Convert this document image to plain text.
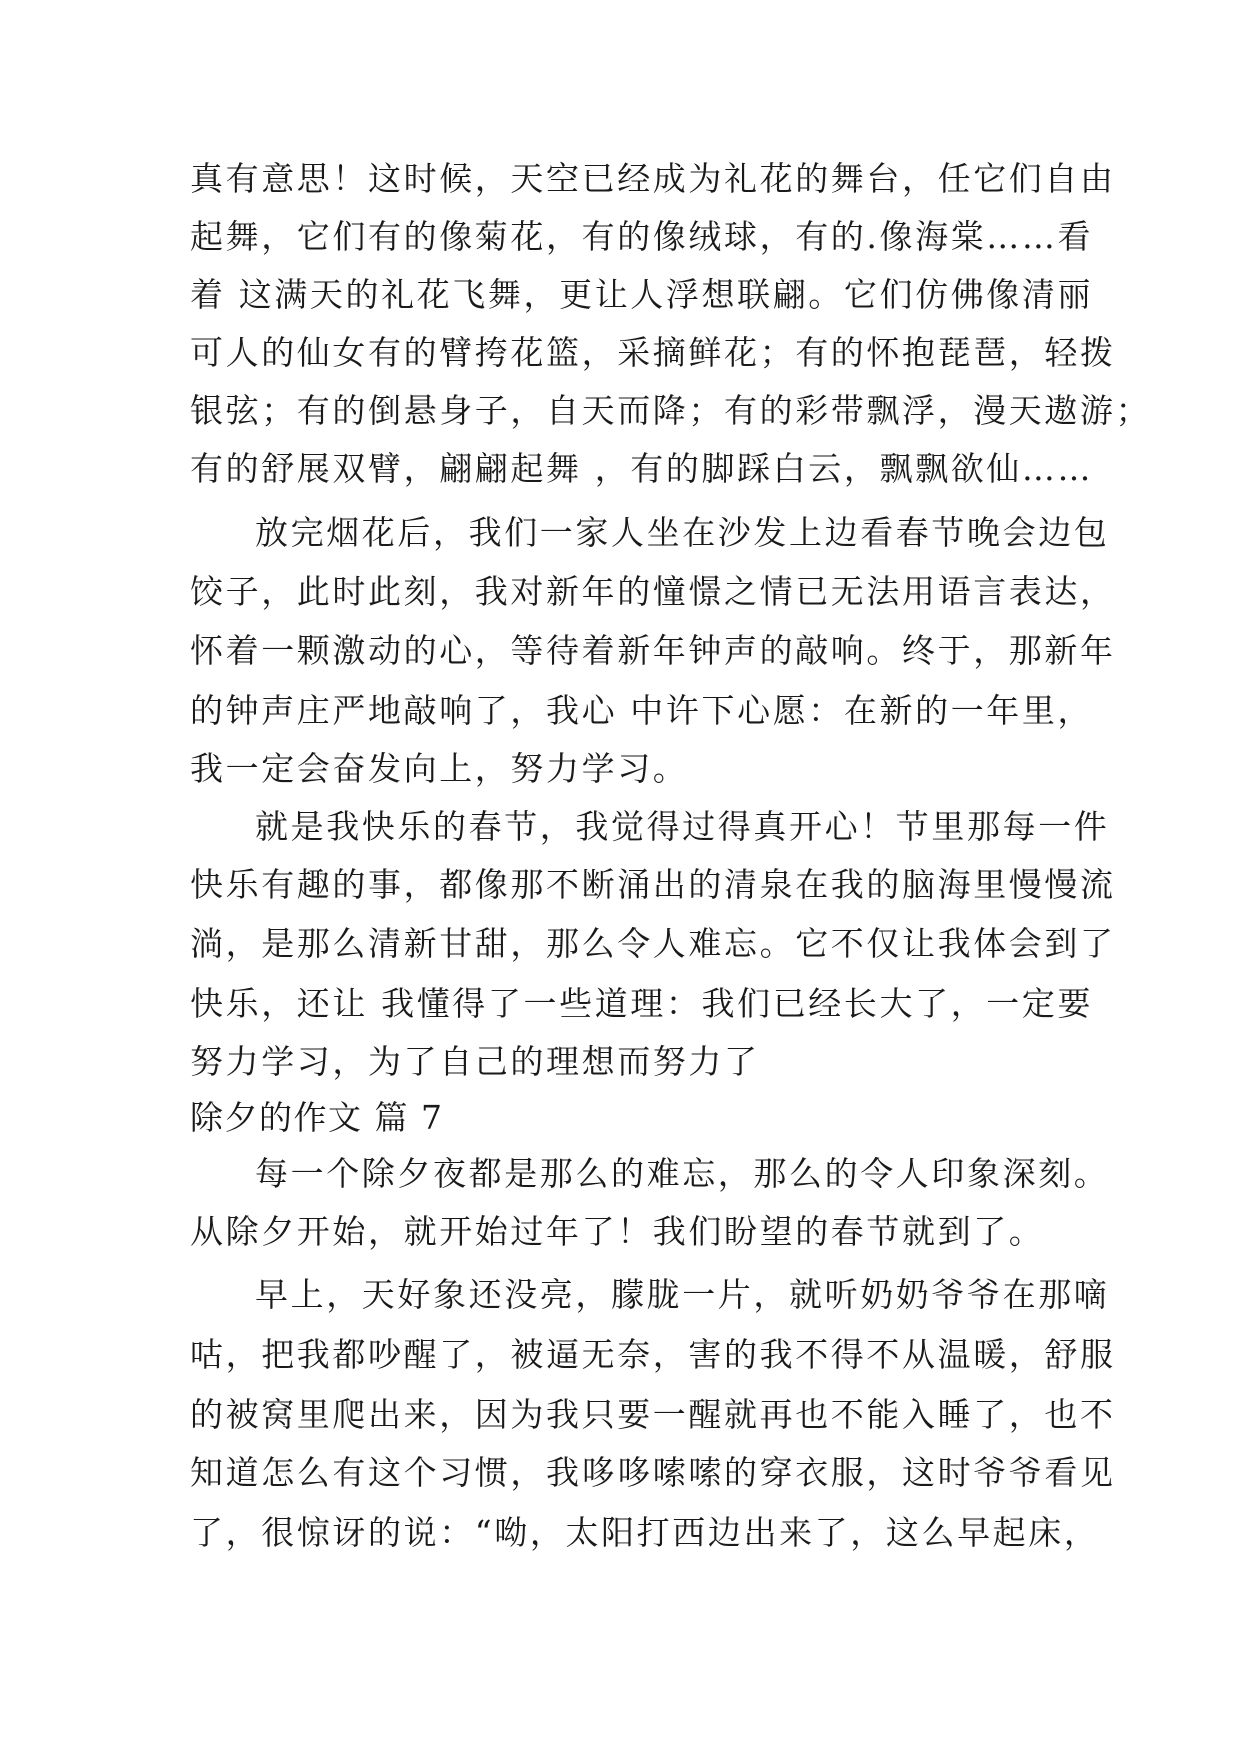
真有意思！这时候，天空已经成为礼花的舞台，任它们自由
起舞，它们有的像菊花，有的像绒球，有的.像海棠……看
着 这满天的礼花飞舞，更让人浮想联翩。它们仿佛像清丽
可人的仙女有的臂挎花篮，采摘鲜花；有的怀抱琵琶，轻拨
银弦；有的倒悬身子，自天而降；有的彩带飘浮，漫天遨游；
有的舒展双臂，翩翩起舞 ，有的脚踩白云，飘飘欲仙……
放完烟花后，我们一家人坐在沙发上边看春节晚会边包
饺子，此时此刻，我对新年的憧憬之情已无法用语言表达，
怀着一颗激动的心，等待着新年钟声的敲响。终于，那新年
的钟声庄严地敲响了，我心 中许下心愿：在新的一年里，
我一定会奋发向上，努力学习。
就是我快乐的春节，我觉得过得真开心！节里那每一件
快乐有趣的事，都像那不断涌出的清泉在我的脑海里慢慢流
淌，是那么清新甘甜，那么令人难忘。它不仅让我体会到了
快乐，还让 我懂得了一些道理：我们已经长大了，一定要
努力学习，为了自己的理想而努力了
除夕的作文 篇 7
每一个除夕夜都是那么的难忘，那么的令人印象深刻。
从除夕开始，就开始过年了！我们盼望的春节就到了。
早上，天好象还没亮，朦胧一片，就听奶奶爷爷在那嘀
咕，把我都吵醒了，被逼无奈，害的我不得不从温暖，舒服
的被窝里爬出来，因为我只要一醒就再也不能入睡了，也不
知道怎么有这个习惯，我哆哆嗦嗦的穿衣服，这时爷爷看见
了，很惊讶的说：“呦，太阳打西边出来了，这么早起床，
